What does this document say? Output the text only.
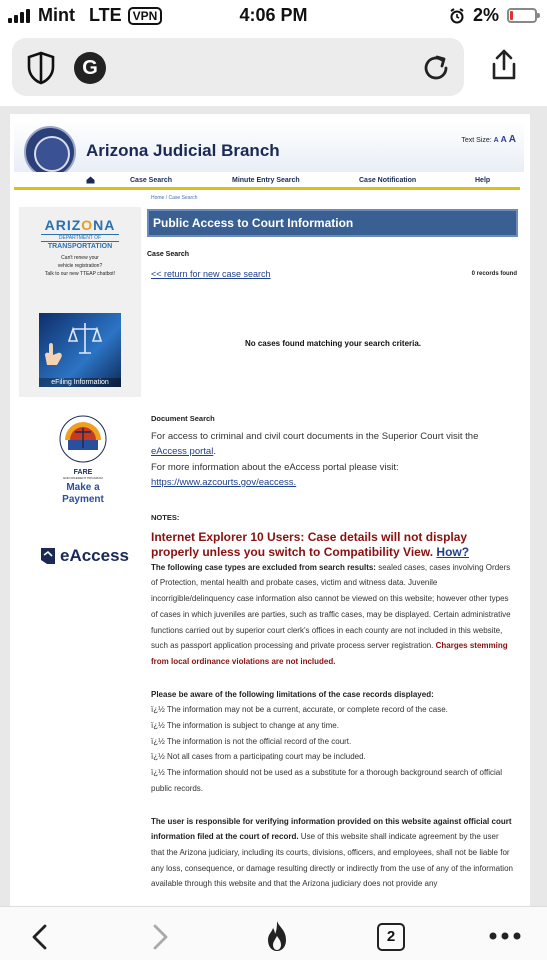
Mint LTE VPN	4:06 PM	2%
G
Arizona Judicial Branch
Text Size: A A A
Case Search	Minute Entry Search	Case Notification	Help
Home / Case Search
ARIZONA
DEPARTMENT OF
TRANSPORTATION
Can't renew your
vehicle registration?
Talk to our new TTEAP chatbot!
eFiling Information
FARE
ENFORCEMENT PROGRAM
Make a
Payment
eAccess
Public Access to Court Information
Case Search
<< return for new case search	0 records found
No cases found matching your search criteria.
Document Search
For access to criminal and civil court documents in the Superior Court visit the eAccess portal.
For more information about the eAccess portal please visit:
https://www.azcourts.gov/eaccess.
NOTES:
Internet Explorer 10 Users: Case details will not display properly unless you switch to Compatibility View. How?
The following case types are excluded from search results: sealed cases, cases involving Orders of Protection, mental health and probate cases, victim and witness data. Juvenile incorrigible/delinquency case information also cannot be viewed on this website; however other types of cases in which juveniles are parties, such as traffic cases, may be displayed. Certain administrative functions carried out by superior court clerk's offices in each county are not included in this website, such as passport application processing and private process server registration. Charges stemming from local ordinance violations are not included.
Please be aware of the following limitations of the case records displayed:
ï¿½ The information may not be a current, accurate, or complete record of the case.
ï¿½ The information is subject to change at any time.
ï¿½ The information is not the official record of the court.
ï¿½ Not all cases from a participating court may be included.
ï¿½ The information should not be used as a substitute for a thorough background search of official public records.
The user is responsible for verifying information provided on this website against official court information filed at the court of record. Use of this website shall indicate agreement by the user that the Arizona judiciary, including its courts, divisions, officers, and employees, shall not be liable for any loss, consequence, or damage resulting directly or indirectly from the use of any of the information available through this website and that the Arizona judiciary does not provide any
2
